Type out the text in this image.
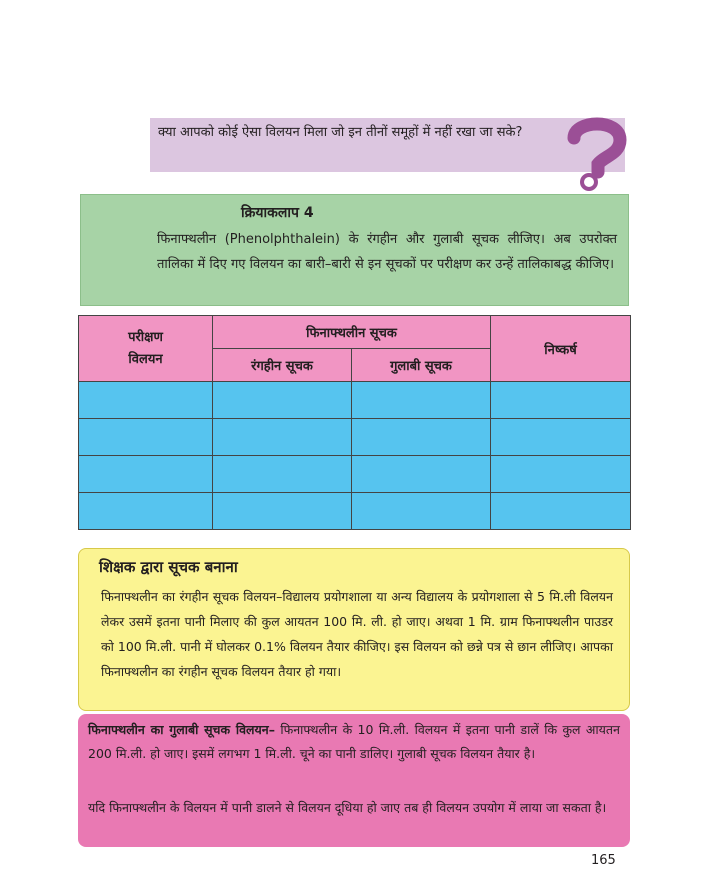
क्या आपको कोई ऐसा विलयन मिला जो इन तीनों समूहों में नहीं रखा जा सके?
क्रियाकलाप 4
फिनाफ्थलीन (Phenolphthalein) के रंगहीन और गुलाबी सूचक लीजिए। अब उपरोक्त तालिका में दिए गए विलयन का बारी–बारी से इन सूचकों पर परीक्षण कर उन्हें तालिकाबद्ध कीजिए।
परीक्षण विलयन	फिनाफ्थलीन सूचक		निष्कर्ष
	रंगहीन सूचक	गुलाबी सूचक	

शिक्षक द्वारा सूचक बनाना
फिनाफ्थलीन का रंगहीन सूचक विलयन–विद्यालय प्रयोगशाला या अन्य विद्यालय के प्रयोगशाला से 5 मि.ली विलयन लेकर उसमें इतना पानी मिलाए की कुल आयतन 100 मि. ली. हो जाए। अथवा 1 मि. ग्राम फिनाफ्थलीन पाउडर को 100 मि.ली. पानी में घोलकर 0.1% विलयन तैयार कीजिए। इस विलयन को छन्ने पत्र से छान लीजिए। आपका फिनाफ्थलीन का रंगहीन सूचक विलयन तैयार हो गया।
फिनाफ्थलीन का गुलाबी सूचक विलयन– फिनाफ्थलीन के 10 मि.ली. विलयन में इतना पानी डालें कि कुल आयतन 200 मि.ली. हो जाए। इसमें लगभग 1 मि.ली. चूने का पानी डालिए। गुलाबी सूचक विलयन तैयार है।
यदि फिनाफ्थलीन के विलयन में पानी डालने से विलयन दूधिया हो जाए तब ही विलयन उपयोग में लाया जा सकता है।
165
